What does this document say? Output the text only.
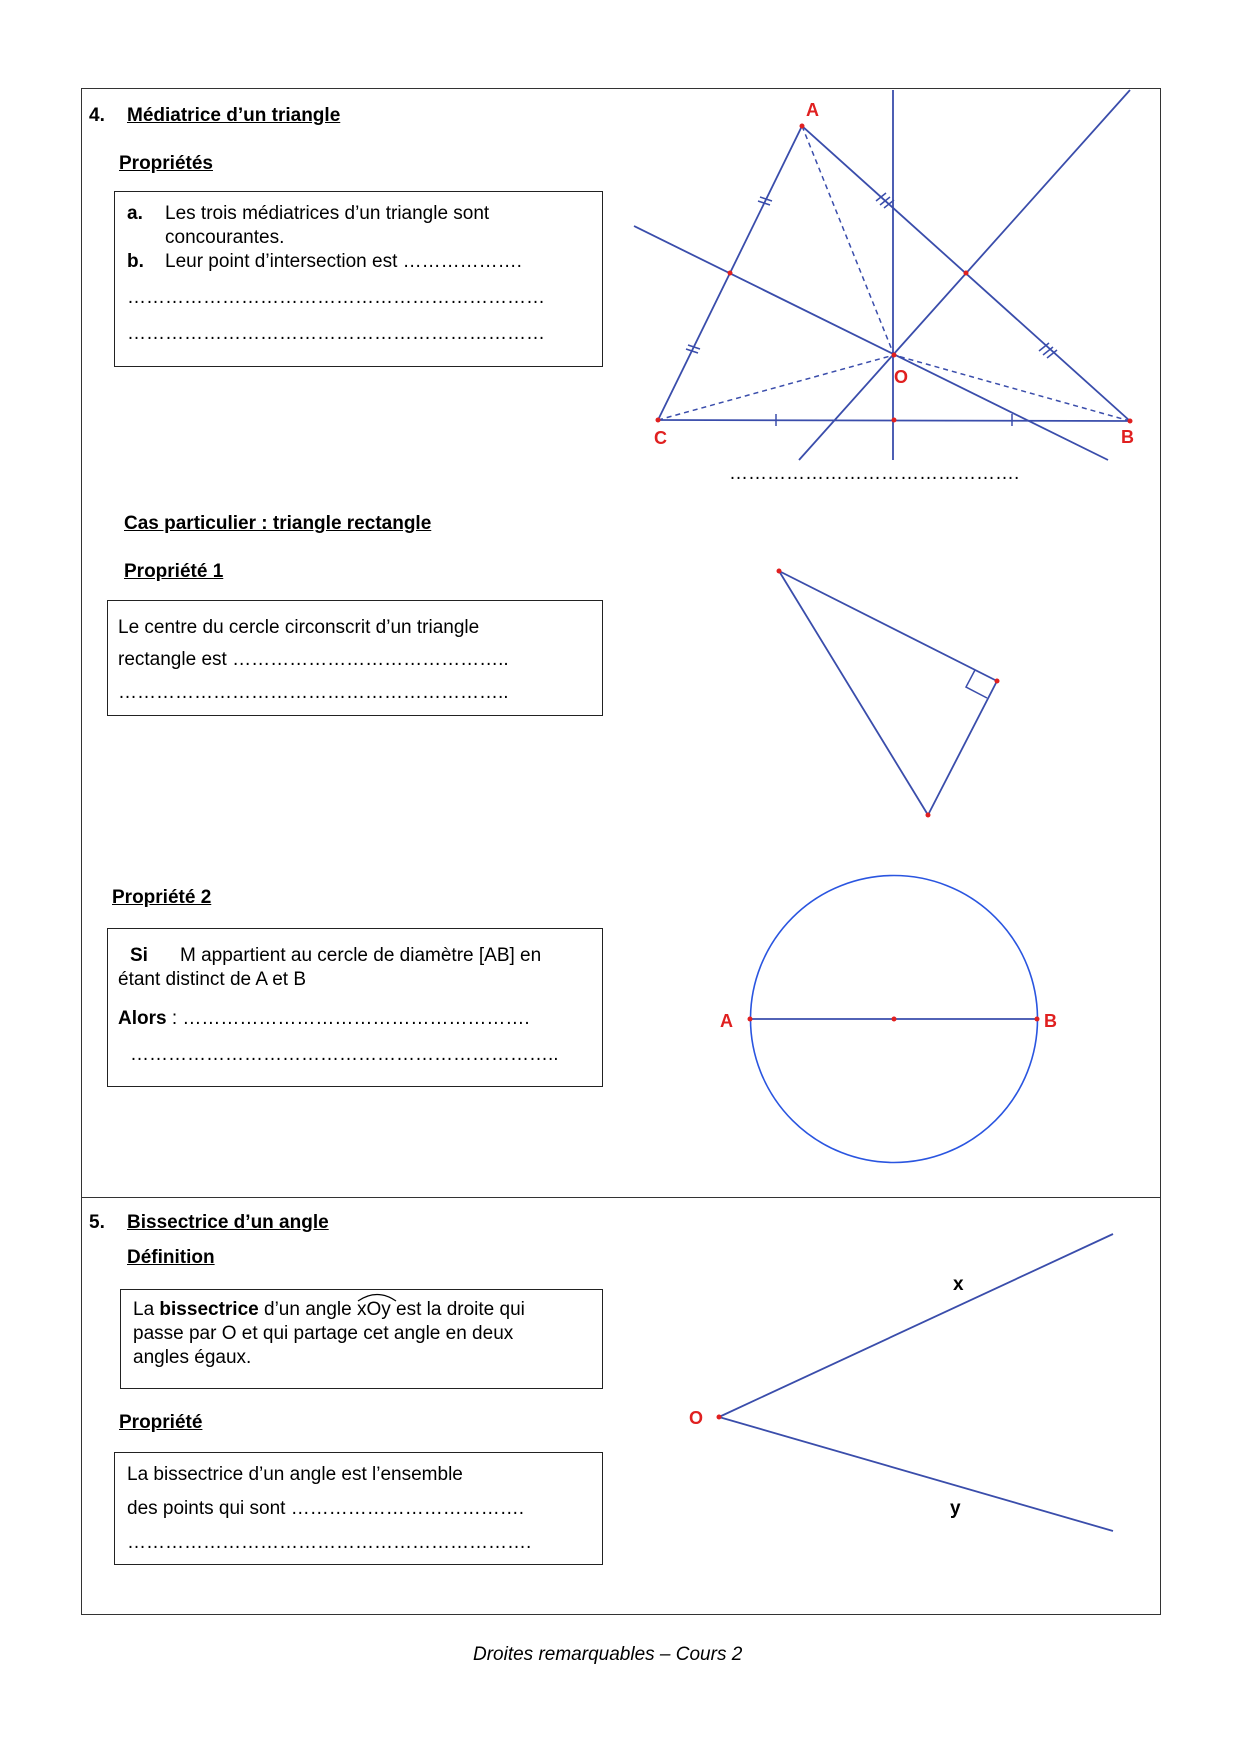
4. Médiatrice d’un triangle
Propriétés
a. Les trois médiatrices d’un triangle sont
concourantes.
b. Leur point d’intersection est ……………….
…………………………………………………………
…………………………………………………………
A
B
C
O
……………………………………….
Cas particulier : triangle rectangle
Propriété 1
Le centre du cercle circonscrit d’un triangle
rectangle est ……………………………………..
……………………………………………………..
Propriété 2
Si M appartient au cercle de diamètre [AB] en
étant distinct de A et B
Alors : ……………………………………………….
…………………………………………………………..
A	B
5. Bissectrice d’un angle
Définition
La bissectrice d’un angle
xOy est la droite qui
passe par O et qui partage cet angle en deux
angles égaux.
Propriété
La bissectrice d’un angle est l’ensemble
des points qui sont ……………………………….
……………………………………………………….
O
x
y
Droites remarquables – Cours 2
